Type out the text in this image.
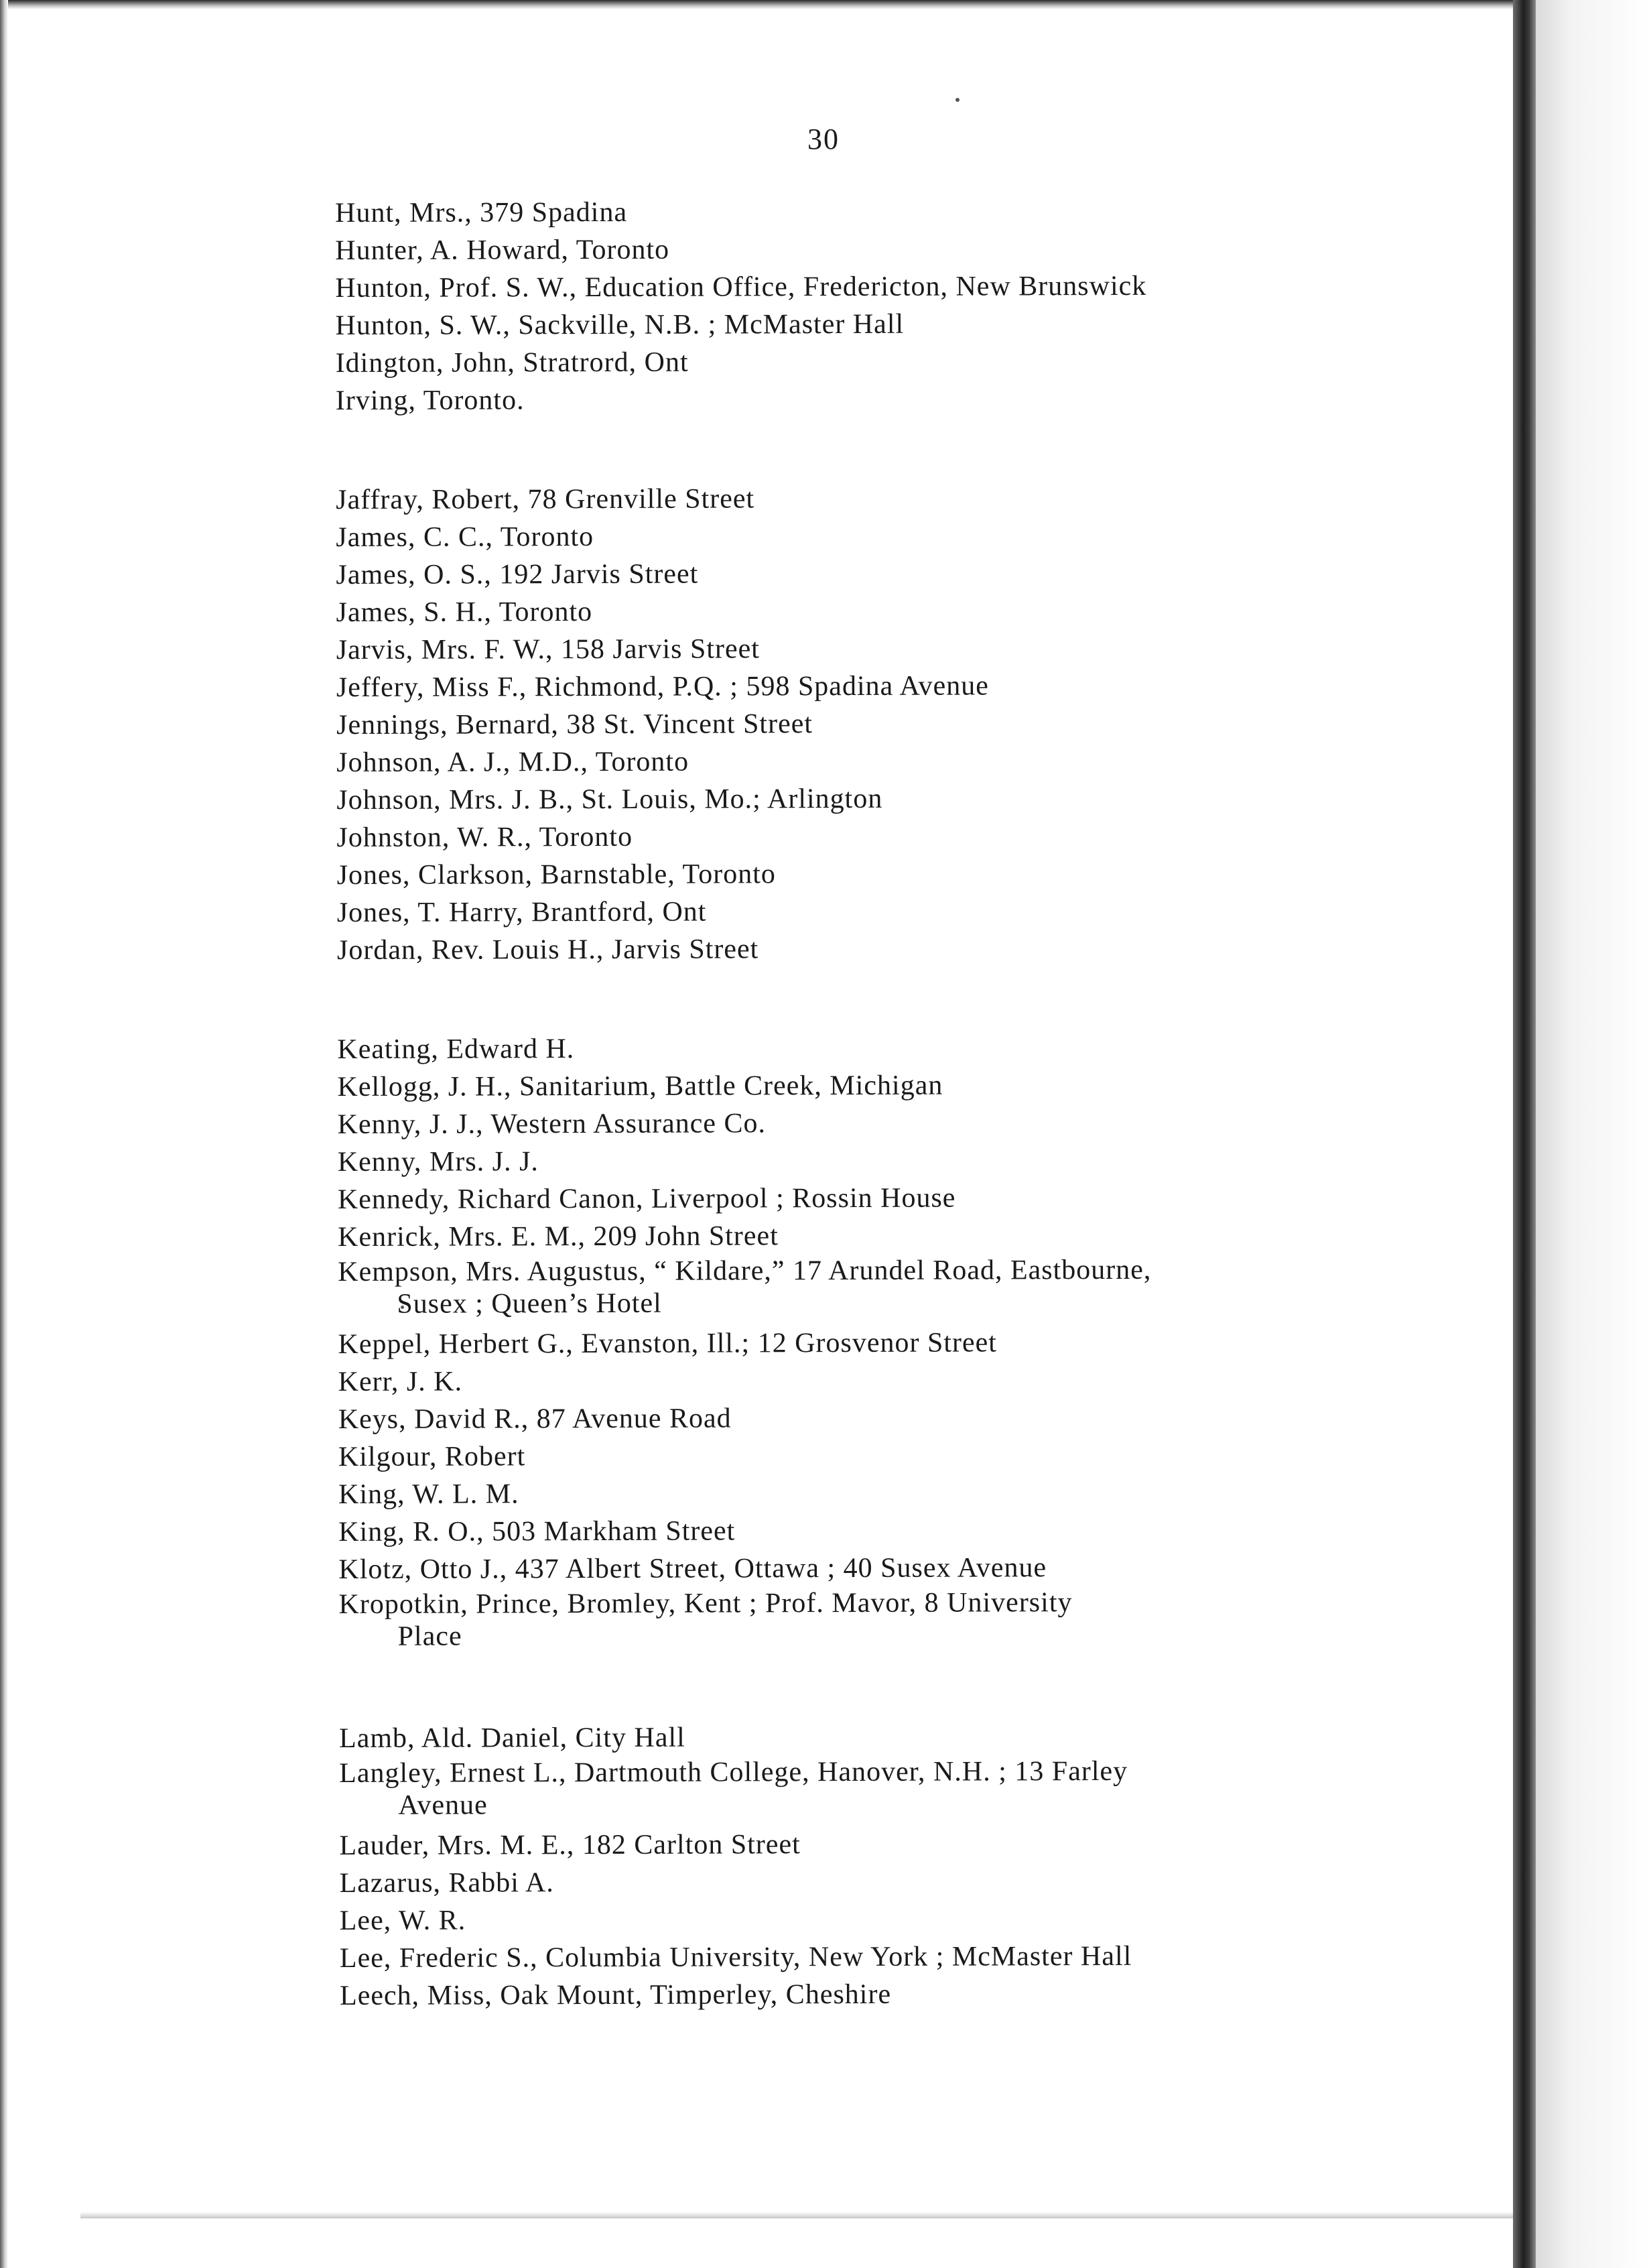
30
Hunt, Mrs., 379 Spadina
Hunter, A. Howard, Toronto
Hunton, Prof. S. W., Education Office, Fredericton, New Brunswick
Hunton, S. W., Sackville, N.B. ; McMaster Hall
Idington, John, Stratrord, Ont
Irving, Toronto.
Jaffray, Robert, 78 Grenville Street
James, C. C., Toronto
James, O. S., 192 Jarvis Street
James, S. H., Toronto
Jarvis, Mrs. F. W., 158 Jarvis Street
Jeffery, Miss F., Richmond, P.Q. ; 598 Spadina Avenue
Jennings, Bernard, 38 St. Vincent Street
Johnson, A. J., M.D., Toronto
Johnson, Mrs. J. B., St. Louis, Mo.; Arlington
Johnston, W. R., Toronto
Jones, Clarkson, Barnstable, Toronto
Jones, T. Harry, Brantford, Ont
Jordan, Rev. Louis H., Jarvis Street
Keating, Edward H.
Kellogg, J. H., Sanitarium, Battle Creek, Michigan
Kenny, J. J., Western Assurance Co.
Kenny, Mrs. J. J.
Kennedy, Richard Canon, Liverpool ; Rossin House
Kenrick, Mrs. E. M., 209 John Street
Kempson, Mrs. Augustus, “ Kildare,” 17 Arundel Road, Eastbourne,
Susex ; Queen’s Hotel
Keppel, Herbert G., Evanston, Ill.; 12 Grosvenor Street
Kerr, J. K.
Keys, David R., 87 Avenue Road
Kilgour, Robert
King, W. L. M.
King, R. O., 503 Markham Street
Klotz, Otto J., 437 Albert Street, Ottawa ; 40 Susex Avenue
Kropotkin, Prince, Bromley, Kent ; Prof. Mavor, 8 University
Place
Lamb, Ald. Daniel, City Hall
Langley, Ernest L., Dartmouth College, Hanover, N.H. ; 13 Farley
Avenue
Lauder, Mrs. M. E., 182 Carlton Street
Lazarus, Rabbi A.
Lee, W. R.
Lee, Frederic S., Columbia University, New York ; McMaster Hall
Leech, Miss, Oak Mount, Timperley, Cheshire
